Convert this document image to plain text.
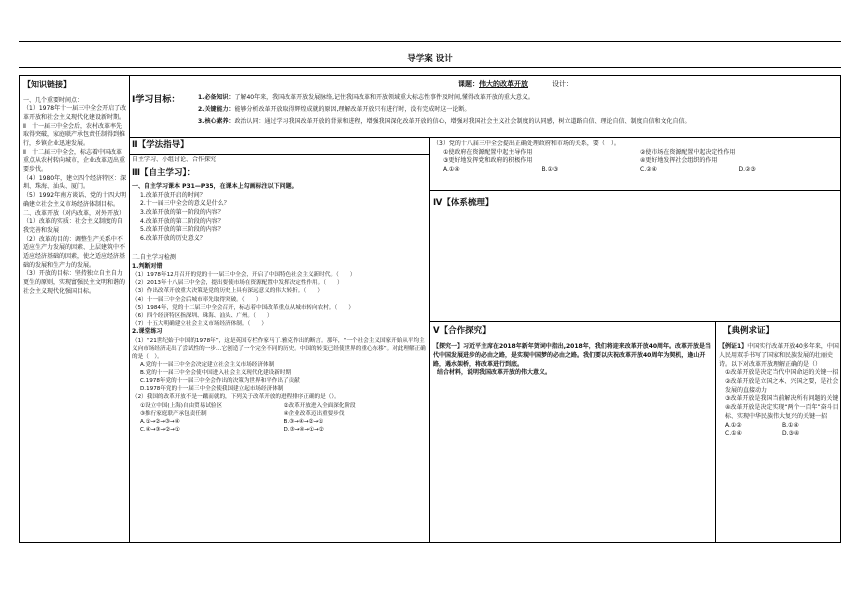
导学案 设计
【知识链接】
一、几个重要时间点：
（1）1978年十一届三中全会开启了改革开放和社会主义现代化建设新时期。
Ⅱ　十一届三中全会后，农村改革率先取得突破，家庭联产承包责任制得到推行，乡镇企业迅速发展。
Ⅱ　十二届三中全会，标志着中国改革重点从农村转向城市，企业改革迈出重要步伐。
（4）1980年，建立四个经济特区：深圳、珠海、汕头、厦门。
（5）1992年南方谈话、党的十四大明确建立社会主义市场经济体制目标。
二、改革开放（对内改革，对外开放）
（1）改革的实质：社会主义制度的自我完善和发展
（2）改革的目的：调整生产关系中不适应生产力发展的因素、上层建筑中不适应经济基础的因素，使之适应经济基础的发展和生产力的发展。
（3）开放的目标：坚持独立自主自力更生的原则，实现富强民主文明和谐的社会主义现代化强国目标。
课题：伟大的改革开放	设计：
Ⅰ学习目标：	1.必备知识：了解40年来，我国改革开放发展脉络,记住我国改革和开放领域重大标志性事件及时间,懂得改革开放的重大意义。
2.关键能力：能够分析改革开放取得辉煌成就的原因,理解改革开放只有进行时，没有完成时这一论断。
3.核心素养：政治认同：通过学习我国改革开放的背景和进程，增强我国深化改革开放的信心，增强对我国社会主义社会制度的认同感，树立道路自信、理论自信、制度自信和文化自信。
Ⅱ【学法指导】
自主学习、小组讨论、合作探究
Ⅲ【自主学习】：
一、自主学习课本 P31—P35，在课本上勾画标注以下问题。
1.改革开放开启的时间？
2.十一届三中全会的意义是什么？
3.改革开放的第一阶段的内容？
4.改革开放的第二阶段的内容？
5.改革开放的第三阶段的内容？
6.改革开放的历史意义？
二.自主学习检测
1.判断对错
（1）1978年12月召开的党的十一届三中全会，开启了中国特色社会主义新时代。（　　）
（2）2013年十八届三中全会，提出要使市场在资源配置中发挥决定性作用。（　　）
（3）作出改革开放重大决策是党的历史上具有深远意义的伟大转折。（　　）
（4）十一届三中全会后城市率先取得突破。（　　）
（5）1984年，党的十二届三中全会召开，标志着中国改革重点从城市转向农村。（　　）
（6）四个经济特区指深圳、珠海、汕头、广州。（　　）
（7）十五大明确建立社会主义市场经济体制。（　　）
2.课堂练习
（1）“21世纪始于中国的1978年”，这是英国专栏作家马丁.雅克作出的断言。那年，“一个社会主义国家开始从平均主义向市场经济走出了尝试性的一步…它创造了一个完全不同的历史。中国的转变已经使世界的重心东移”。对此理解正确的是（　）。
A.党的十一届三中全会决定建立社会主义市场经济体制
B.党的十一届三中全会使中国进入社会主义现代化建设新时期
C.1978年党的十一届三中全会作出的决策为世界和平作出了贡献
D.1978年党的十一届三中全会使我国建立起市场经济体制
（2）我国的改革开放不是一蹴而就的，下列关于改革开放的进程排序正确的是（）。
①设立中国(上海)自由贸易试验区	②改革开放进入全面深化阶段
③推行家庭联产承包责任制	④企业改革迈出重要步伐
A.①→②→③→④	B.③→④→②→①
C.④→③→②→①	D.③→④→①→②
（3）党的十八届三中全会提出正确处理政府和市场的关系，要（　）。
①使政府在资源配置中起主导作用	②使市场在资源配置中起决定性作用
③更好地发挥党和政府的积极作用	④更好地发挥社会组织的作用
A.①④	B.①③	C.②④	D.②③
Ⅳ【体系梳理】
Ⅴ【合作探究】
【探究一】习近平主席在2018年新年贺词中指出,2018年，我们将迎来改革开放40周年。改革开放是当代中国发展进步的必由之路，是实现中国梦的必由之路。我们要以庆祝改革开放40周年为契机，逢山开路，遇水架桥，将改革进行到底。
结合材料，说明我国改革开放的伟大意义。
【典例求证】
【例证1】中国实行改革开放40多年来，中国人民用双手书写了国家和民族发展的壮丽史诗。以下对改革开放理解正确的是（）
①改革开放是决定当代中国命运的关键一招
②改革开放是立国之本、兴国之要，是社会发展的直接动力
③改革开放是我国当前解决所有问题的关键
④改革开放是决定实现“两个一百年”奋斗目标、实现中华民族伟大复兴的关键一招
A.①②	B.①④
C.①④	D.③④
